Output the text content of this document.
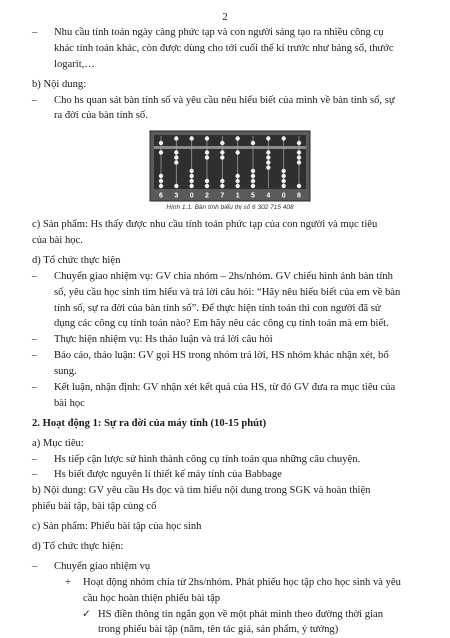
2
– Nhu cầu tính toán ngày càng phức tạp và con người sáng tạo ra nhiều công cụ
khác tính toán khác, còn được dùng cho tới cuối thế kỉ trước như bảng số, thước
logarit,…
b) Nội dung:
– Cho hs quan sát bàn tính số và yêu cầu nêu hiểu biết của mình về bàn tính số, sự
ra đời của bàn tính số.
6 3 0 2 7 1 5 4 0 8
Hình 1.1. Bàn tính biểu thị số 6 302 715 408
c) Sản phẩm: Hs thấy được nhu cầu tính toán phức tạp của con người và mục tiêu
của bài học.
d) Tổ chức thực hiện
– Chuyển giao nhiệm vụ: GV chia nhóm – 2hs/nhóm. GV chiếu hình ảnh bàn tính
số, yêu cầu học sinh tìm hiểu và trả lời câu hỏi: “Hãy nêu hiểu biết của em về bàn
tính số, sự ra đời của bàn tính số”. Để thực hiện tính toán thì con người đã sử
dụng các công cụ tính toán nào? Em hãy nêu các công cụ tính toán mà em biết.
– Thực hiện nhiệm vụ: Hs thảo luận và trả lời câu hỏi
– Báo cáo, thảo luận: GV gọi HS trong nhóm trả lời, HS nhóm khác nhận xét, bổ
sung.
– Kết luận, nhận định: GV nhận xét kết quả của HS, từ đó GV đưa ra mục tiêu của
bài học
2. Hoạt động 1: Sự ra đời của máy tính (10-15 phút)
a) Mục tiêu:
– Hs tiếp cận lược sử hình thành công cụ tính toán qua những câu chuyện.
– Hs biết được nguyên lí thiết kế máy tính của Babbage
b) Nội dung: GV yêu cầu Hs đọc và tìm hiểu nội dung trong SGK và hoàn thiện
phiếu bài tập, bài tập củng cố
c) Sản phẩm: Phiếu bài tập của học sinh
d) Tổ chức thực hiện:
– Chuyển giao nhiệm vụ
+ Hoạt động nhóm chia từ 2hs/nhóm. Phát phiếu học tập cho học sinh và yêu
cầu học hoàn thiện phiếu bài tập
✓ HS điền thông tin ngắn gọn về một phát minh theo đường thời gian
trong phiếu bài tập (năm, tên tác giả, sản phẩm, ý tưởng)
